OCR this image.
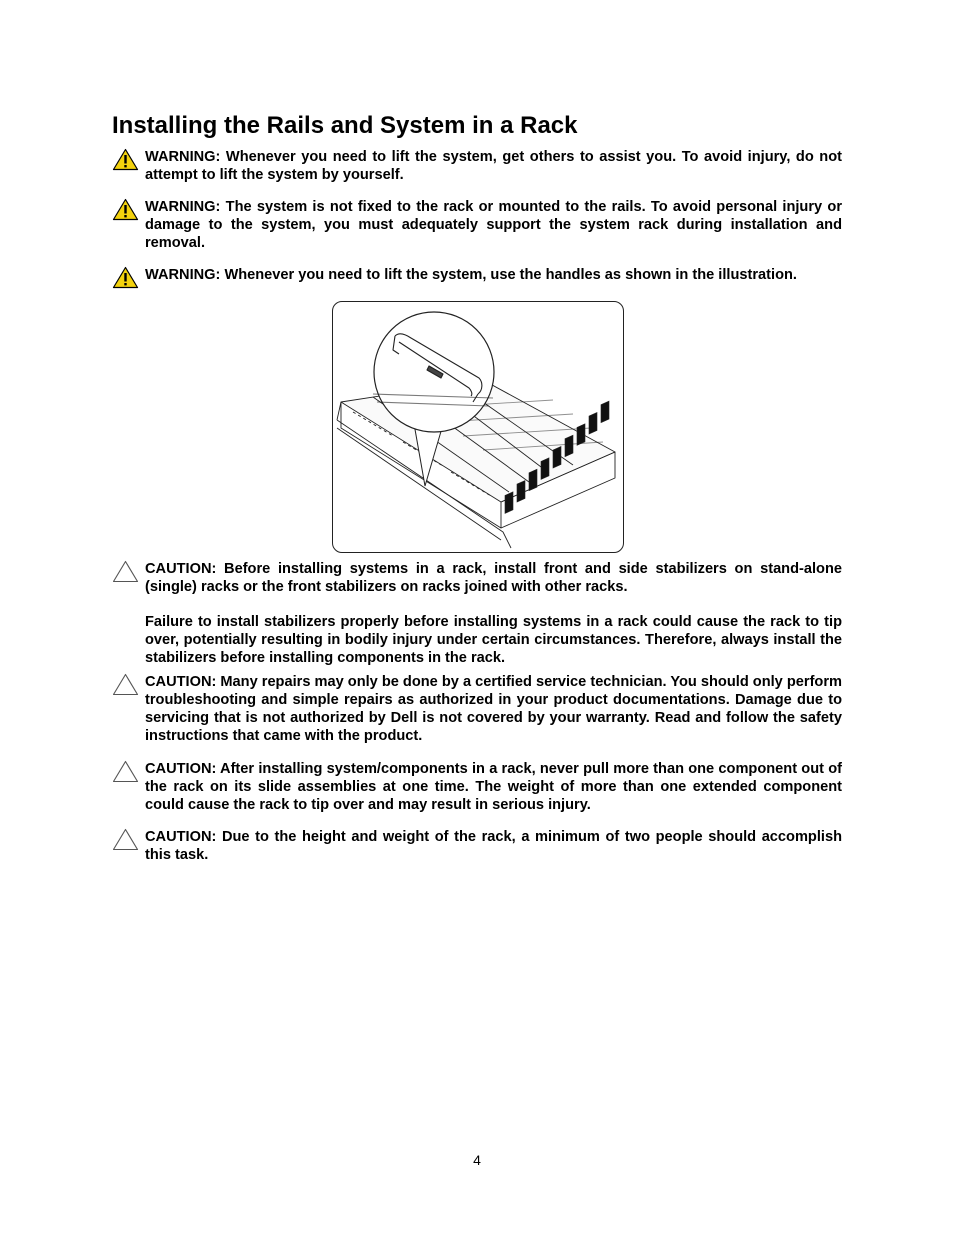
Installing the Rails and System in a Rack

WARNING: Whenever you need to lift the system, get others to assist you. To avoid injury, do not attempt to lift the system by yourself.

WARNING: The system is not fixed to the rack or mounted to the rails. To avoid personal injury or damage to the system, you must adequately support the system rack during installation and removal.

WARNING: Whenever you need to lift the system, use the handles as shown in the illustration.

CAUTION: Before installing systems in a rack, install front and side stabilizers on stand-alone (single) racks or the front stabilizers on racks joined with other racks.

Failure to install stabilizers properly before installing systems in a rack could cause the rack to tip over, potentially resulting in bodily injury under certain circumstances. Therefore, always install the stabilizers before installing components in the rack.

CAUTION: Many repairs may only be done by a certified service technician. You should only perform troubleshooting and simple repairs as authorized in your product documentations. Damage due to servicing that is not authorized by Dell is not covered by your warranty. Read and follow the safety instructions that came with the product.

CAUTION: After installing system/components in a rack, never pull more than one component out of the rack on its slide assemblies at one time. The weight of more than one extended component could cause the rack to tip over and may result in serious injury.

CAUTION: Due to the height and weight of the rack, a minimum of two people should accomplish this task.

4
